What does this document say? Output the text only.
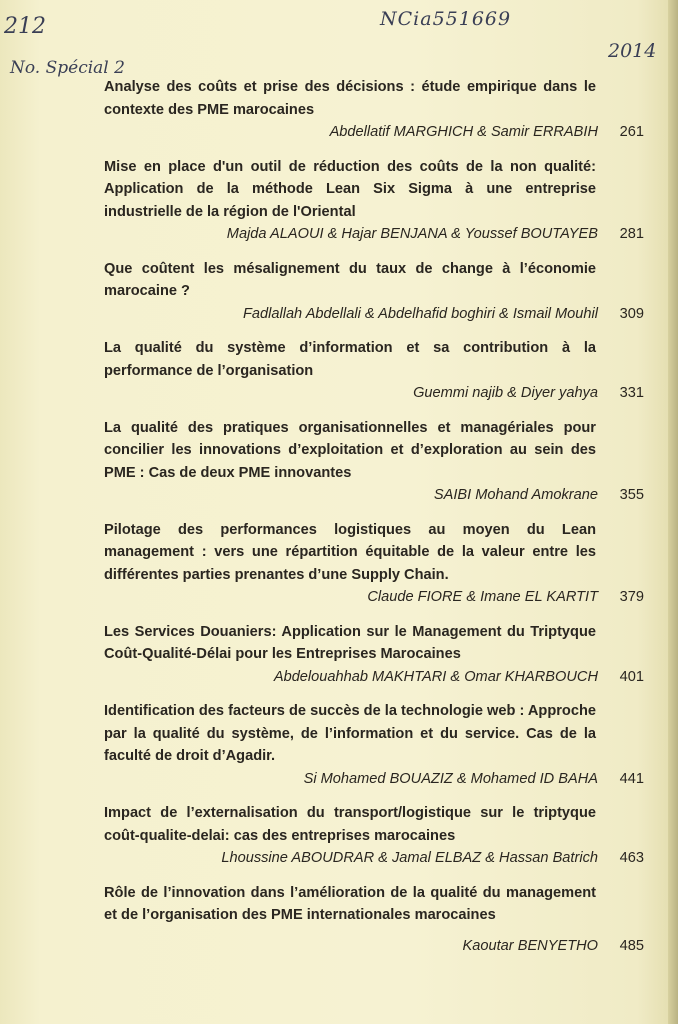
212	NCia551669
2014
No. Spécial 2

Analyse des coûts et prise des décisions : étude empirique dans le contexte des PME marocaines

Abdellatif MARGHICH & Samir ERRABIH	261

Mise en place d'un outil de réduction des coûts de la non qualité: Application de la méthode Lean Six Sigma à une entreprise industrielle de la région de l'Oriental

Majda ALAOUI & Hajar BENJANA & Youssef BOUTAYEB	281

Que coûtent les mésalignement du taux de change à l’économie marocaine ?

Fadlallah Abdellali & Abdelhafid boghiri & Ismail Mouhil	309

La qualité du système d’information et sa contribution à la performance de l’organisation

Guemmi najib & Diyer yahya	331

La qualité des pratiques organisationnelles et managériales pour concilier les innovations d’exploitation et d’exploration au sein des PME : Cas de deux PME innovantes

SAIBI Mohand Amokrane	355

Pilotage des performances logistiques au moyen du Lean management : vers une répartition équitable de la valeur entre les différentes parties prenantes d’une Supply Chain.

Claude FIORE & Imane EL KARTIT	379

Les Services Douaniers: Application sur le Management du Triptyque Coût-Qualité-Délai pour les Entreprises Marocaines

Abdelouahhab MAKHTARI & Omar KHARBOUCH	401

Identification des facteurs de succès de la technologie web : Approche par la qualité du système, de l’information et du service. Cas de la faculté de droit d’Agadir.

Si Mohamed BOUAZIZ & Mohamed ID BAHA	441

Impact de l’externalisation du transport/logistique sur le triptyque coût-qualite-delai: cas des entreprises marocaines

Lhoussine ABOUDRAR & Jamal ELBAZ & Hassan Batrich	463

Rôle de l’innovation dans l’amélioration de la qualité du management et de l’organisation des PME internationales marocaines

Kaoutar BENYETHO	485
